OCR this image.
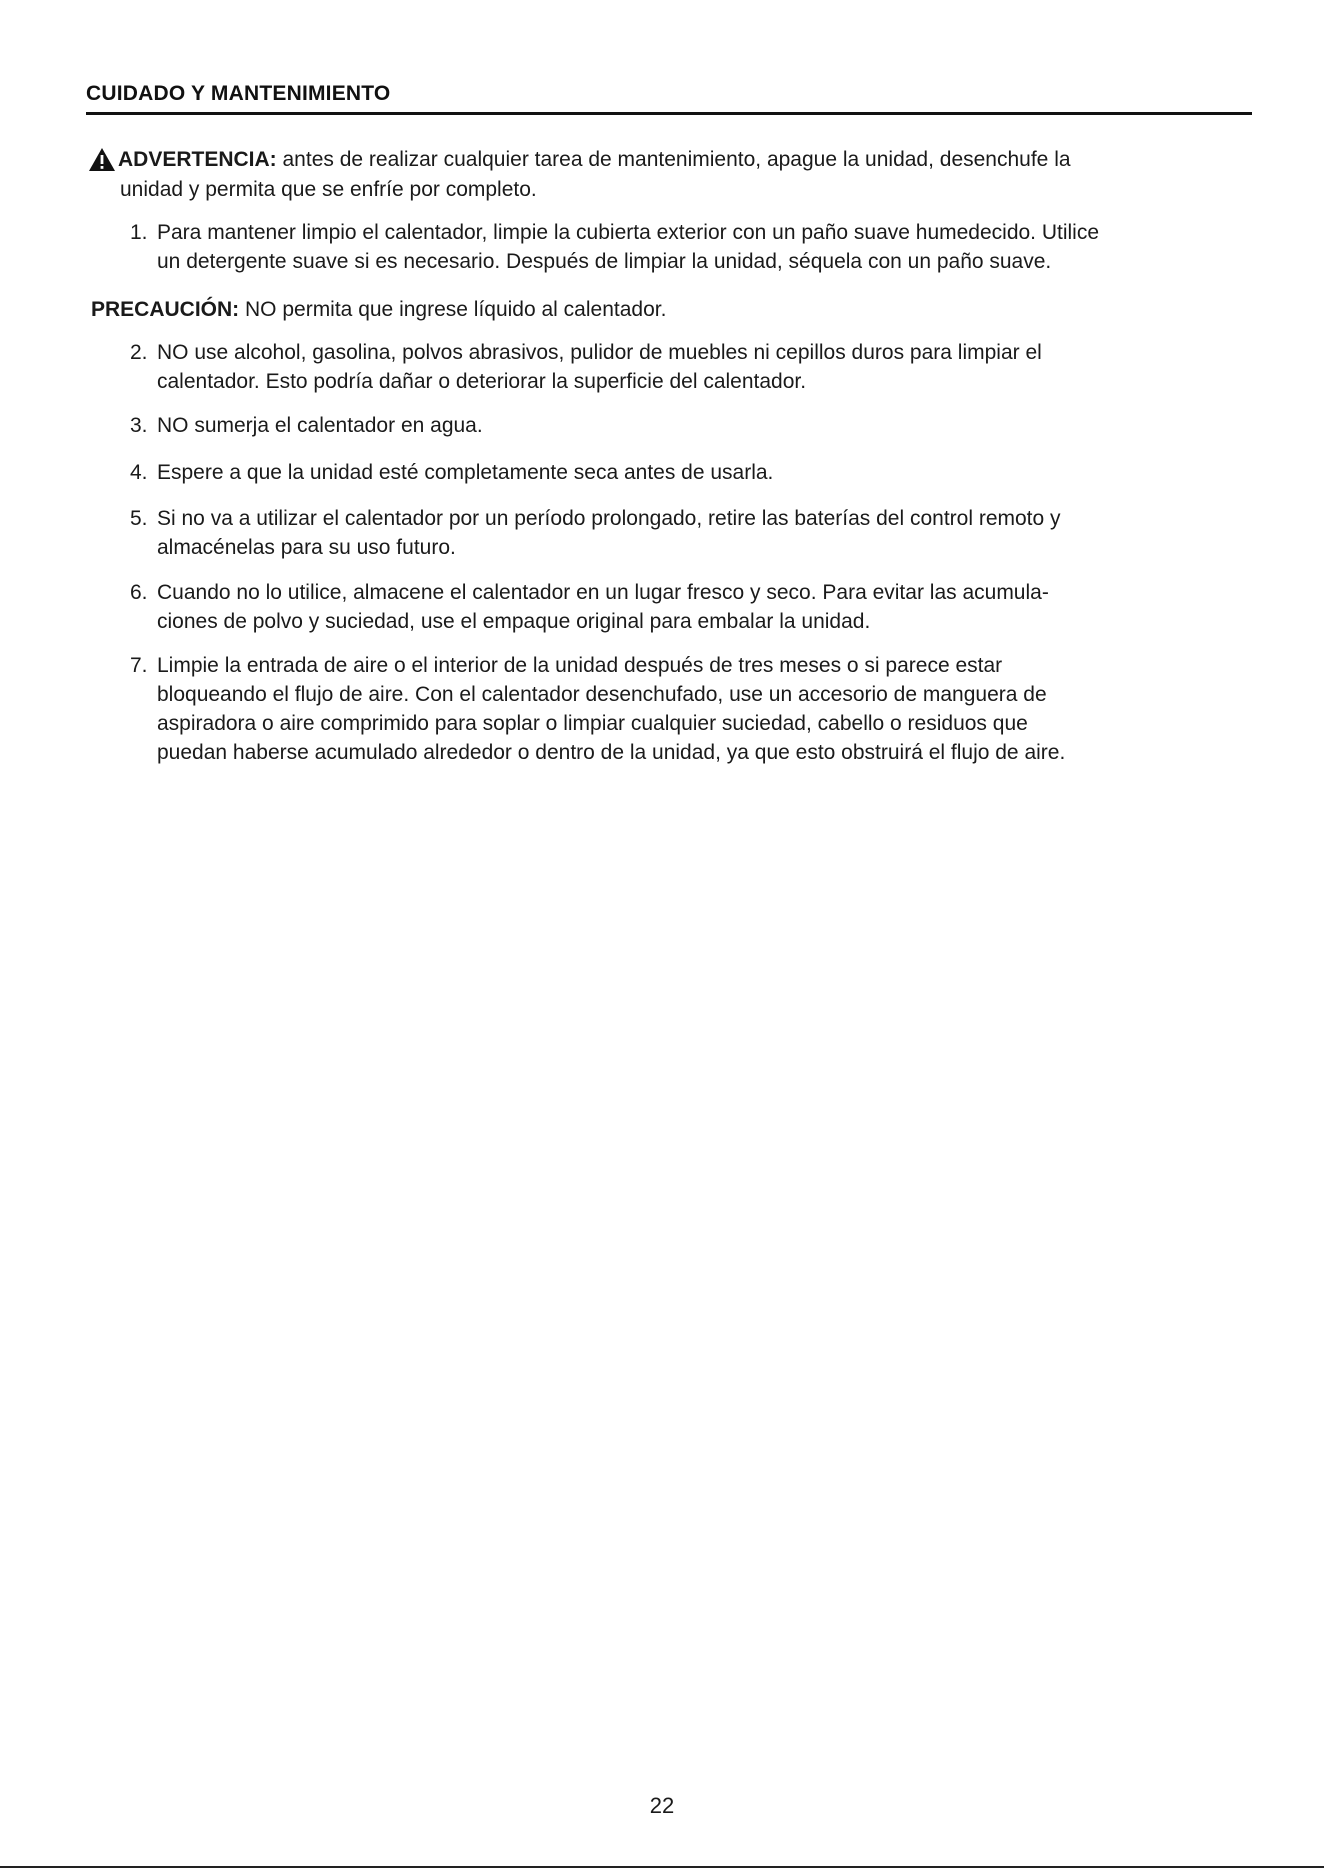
CUIDADO Y MANTENIMIENTO
ADVERTENCIA: antes de realizar cualquier tarea de mantenimiento, apague la unidad, desenchufe la
unidad y permita que se enfríe por completo.
1. Para mantener limpio el calentador, limpie la cubierta exterior con un paño suave humedecido. Utilice
un detergente suave si es necesario. Después de limpiar la unidad, séquela con un paño suave.
2. NO use alcohol, gasolina, polvos abrasivos, pulidor de muebles ni cepillos duros para limpiar el
calentador. Esto podría dañar o deteriorar la superficie del calentador.
3. NO sumerja el calentador en agua.
4. Espere a que la unidad esté completamente seca antes de usarla.
5. Si no va a utilizar el calentador por un período prolongado, retire las baterías del control remoto y
almacénelas para su uso futuro.
6. Cuando no lo utilice, almacene el calentador en un lugar fresco y seco. Para evitar las acumula-
ciones de polvo y suciedad, use el empaque original para embalar la unidad.
7. Limpie la entrada de aire o el interior de la unidad después de tres meses o si parece estar
bloqueando el flujo de aire. Con el calentador desenchufado, use un accesorio de manguera de
aspiradora o aire comprimido para soplar o limpiar cualquier suciedad, cabello o residuos que
puedan haberse acumulado alrededor o dentro de la unidad, ya que esto obstruirá el flujo de aire.
PRECAUCIÓN: NO permita que ingrese líquido al calentador.
22
